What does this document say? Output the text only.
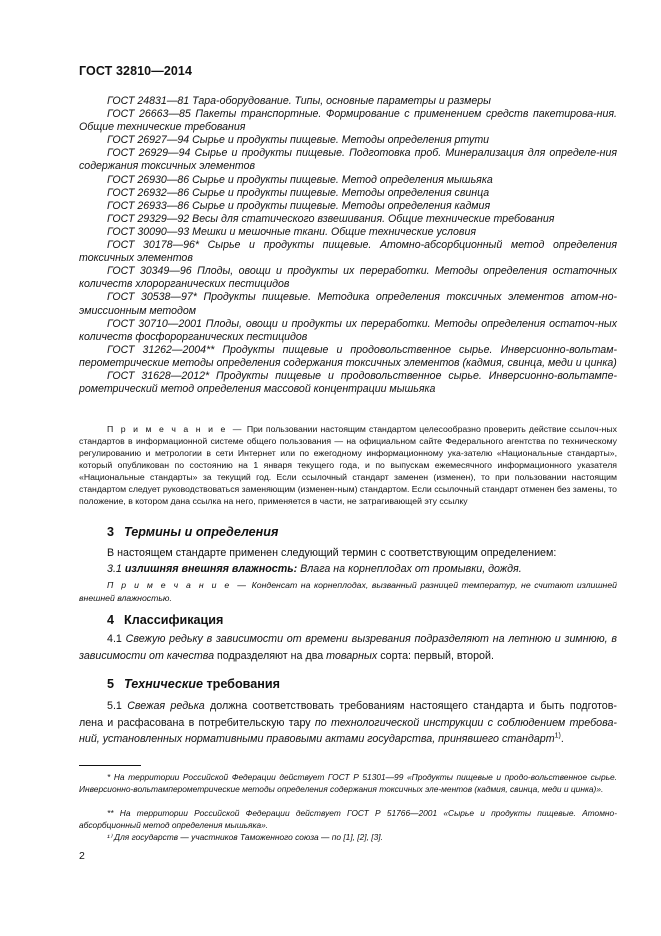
ГОСТ 32810—2014

ГОСТ 24831—81 Тара-оборудование. Типы, основные параметры и размеры

ГОСТ 26663—85 Пакеты транспортные. Формирование с применением средств пакетирова-ния. Общие технические требования

ГОСТ 26927—94 Сырье и продукты пищевые. Методы определения ртути

ГОСТ 26929—94 Сырье и продукты пищевые. Подготовка проб. Минерализация для определе-ния содержания токсичных элементов

ГОСТ 26930—86 Сырье и продукты пищевые. Метод определения мышьяка

ГОСТ 26932—86 Сырье и продукты пищевые. Методы определения свинца

ГОСТ 26933—86 Сырье и продукты пищевые. Методы определения кадмия

ГОСТ 29329—92 Весы для статического взвешивания. Общие технические требования

ГОСТ 30090—93 Мешки и мешочные ткани. Общие технические условия

ГОСТ 30178—96* Сырье и продукты пищевые. Атомно-абсорбционный метод определения токсичных элементов

ГОСТ 30349—96 Плоды, овощи и продукты их переработки. Методы определения остаточных количеств хлорорганических пестицидов

ГОСТ 30538—97* Продукты пищевые. Методика определения токсичных элементов атом-но-эмиссионным методом

ГОСТ 30710—2001 Плоды, овощи и продукты их переработки. Методы определения остаточ-ных количеств фосфорорганических пестицидов

ГОСТ 31262—2004** Продукты пищевые и продовольственное сырье. Инверсионно-вольтам-перометрические методы определения содержания токсичных элементов (кадмия, свинца, меди и цинка)

ГОСТ 31628—2012* Продукты пищевые и продовольственное сырье. Инверсионно-вольтампе-рометрический метод определения массовой концентрации мышьяка

П р и м е ч а н и е — При пользовании настоящим стандартом целесообразно проверить действие ссылоч-ных стандартов в информационной системе общего пользования — на официальном сайте Федерального агентства по техническому регулированию и метрологии в сети Интернет или по ежегодному информационному ука-зателю «Национальные стандарты», который опубликован по состоянию на 1 января текущего года, и по выпускам ежемесячного информационного указателя «Национальные стандарты» за текущий год. Если ссылочный стандарт заменен (изменен), то при пользовании настоящим стандартом следует руководствоваться заменяющим (изменен-ным) стандартом. Если ссылочный стандарт отменен без замены, то положение, в котором дана ссылка на него, применяется в части, не затрагивающей эту ссылку

3 Термины и определения

В настоящем стандарте применен следующий термин с соответствующим определением:

3.1 излишняя внешняя влажность: Влага на корнеплодах от промывки, дождя.

П р и м е ч а н и е — Конденсат на корнеплодах, вызванный разницей температур, не считают излишней внешней влажностью.

4 Классификация

4.1 Свежую редьку в зависимости от времени вызревания подразделяют на летнюю и зимнюю, в зависимости от качества подразделяют на два товарных сорта: первый, второй.

5 Технические требования

5.1 Свежая редька должна соответствовать требованиям настоящего стандарта и быть подготов-лена и расфасована в потребительскую тару по технологической инструкции с соблюдением требова-ний, установленных нормативными правовыми актами государства, принявшего стандарт$^{1)}$.

* На территории Российской Федерации действует ГОСТ Р 51301—99 «Продукты пищевые и продо-вольственное сырье. Инверсионно-вольтамперометрические методы определения содержания токсичных эле-ментов (кадмия, свинца, меди и цинка)».

** На территории Российской Федерации действует ГОСТ Р 51766—2001 «Сырье и продукты пищевые. Атомно-абсорбционный метод определения мышьяка».

¹⁾ Для государств — участников Таможенного союза — по [1], [2], [3].

2
